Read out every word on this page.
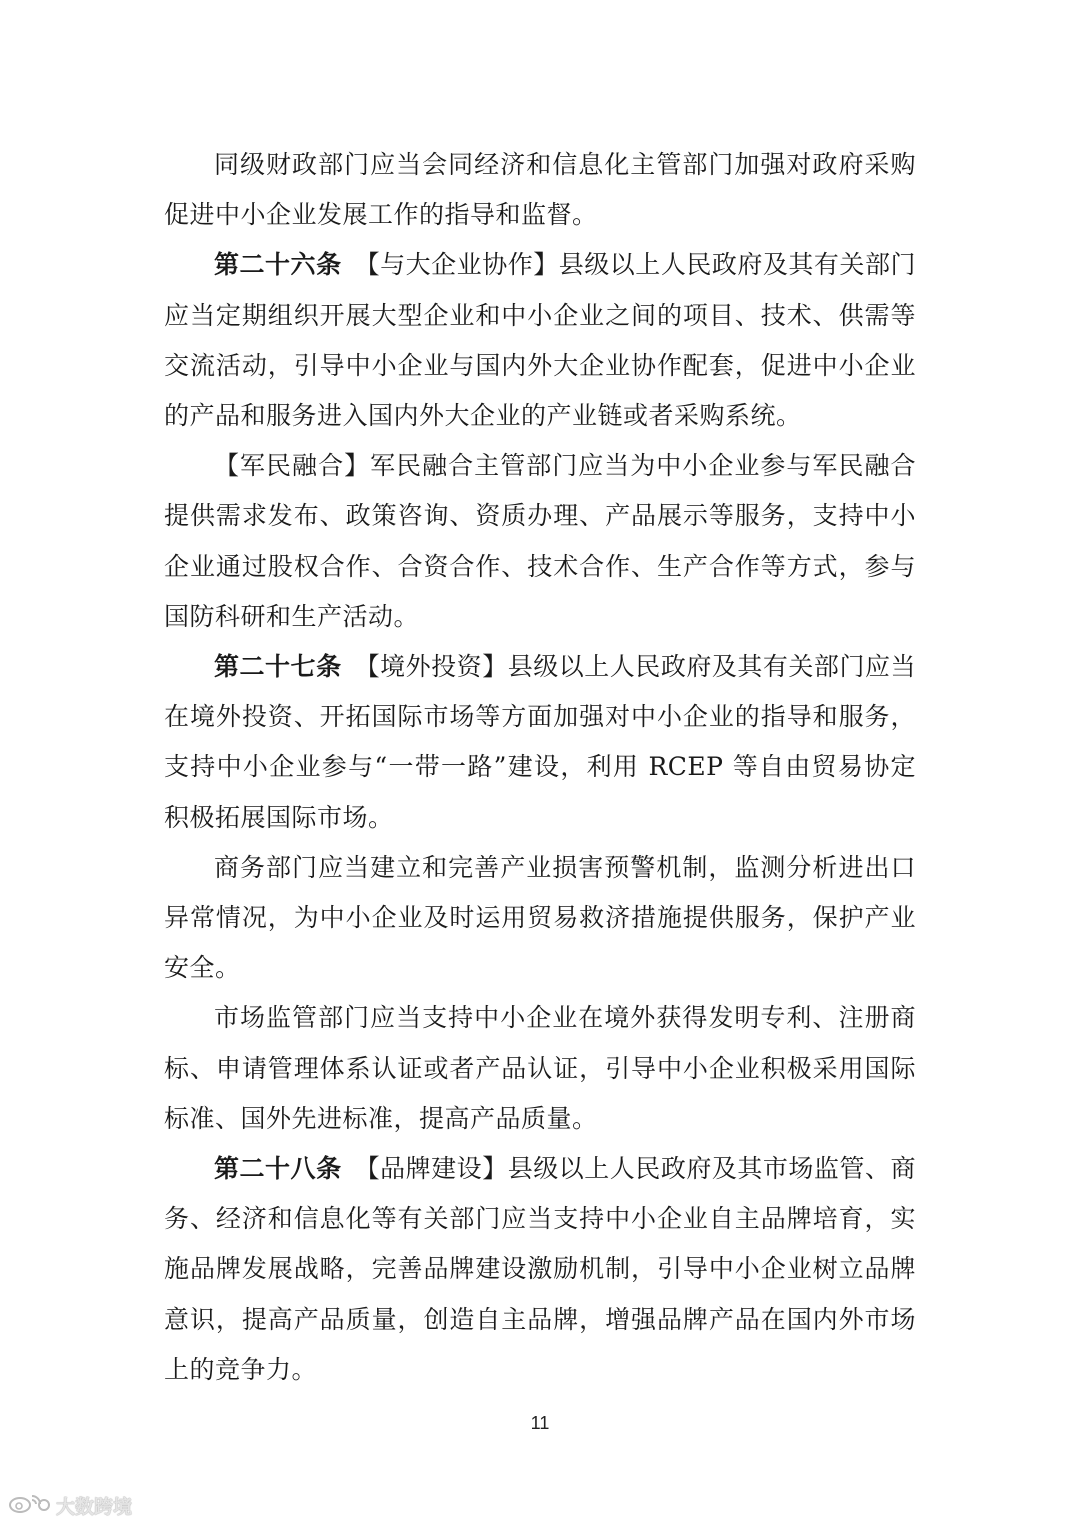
同级财政部门应当会同经济和信息化主管部门加强对政府采购促进中小企业发展工作的指导和监督。

第二十六条  【与大企业协作】县级以上人民政府及其有关部门应当定期组织开展大型企业和中小企业之间的项目、技术、供需等交流活动，引导中小企业与国内外大企业协作配套，促进中小企业的产品和服务进入国内外大企业的产业链或者采购系统。

【军民融合】军民融合主管部门应当为中小企业参与军民融合提供需求发布、政策咨询、资质办理、产品展示等服务，支持中小企业通过股权合作、合资合作、技术合作、生产合作等方式，参与国防科研和生产活动。

第二十七条  【境外投资】县级以上人民政府及其有关部门应当在境外投资、开拓国际市场等方面加强对中小企业的指导和服务，支持中小企业参与“一带一路”建设，利用 RCEP 等自由贸易协定积极拓展国际市场。

商务部门应当建立和完善产业损害预警机制，监测分析进出口异常情况，为中小企业及时运用贸易救济措施提供服务，保护产业安全。

市场监管部门应当支持中小企业在境外获得发明专利、注册商标、申请管理体系认证或者产品认证，引导中小企业积极采用国际标准、国外先进标准，提高产品质量。

第二十八条  【品牌建设】县级以上人民政府及其市场监管、商务、经济和信息化等有关部门应当支持中小企业自主品牌培育，实施品牌发展战略，完善品牌建设激励机制，引导中小企业树立品牌意识，提高产品质量，创造自主品牌，增强品牌产品在国内外市场上的竞争力。

11
大数跨境
